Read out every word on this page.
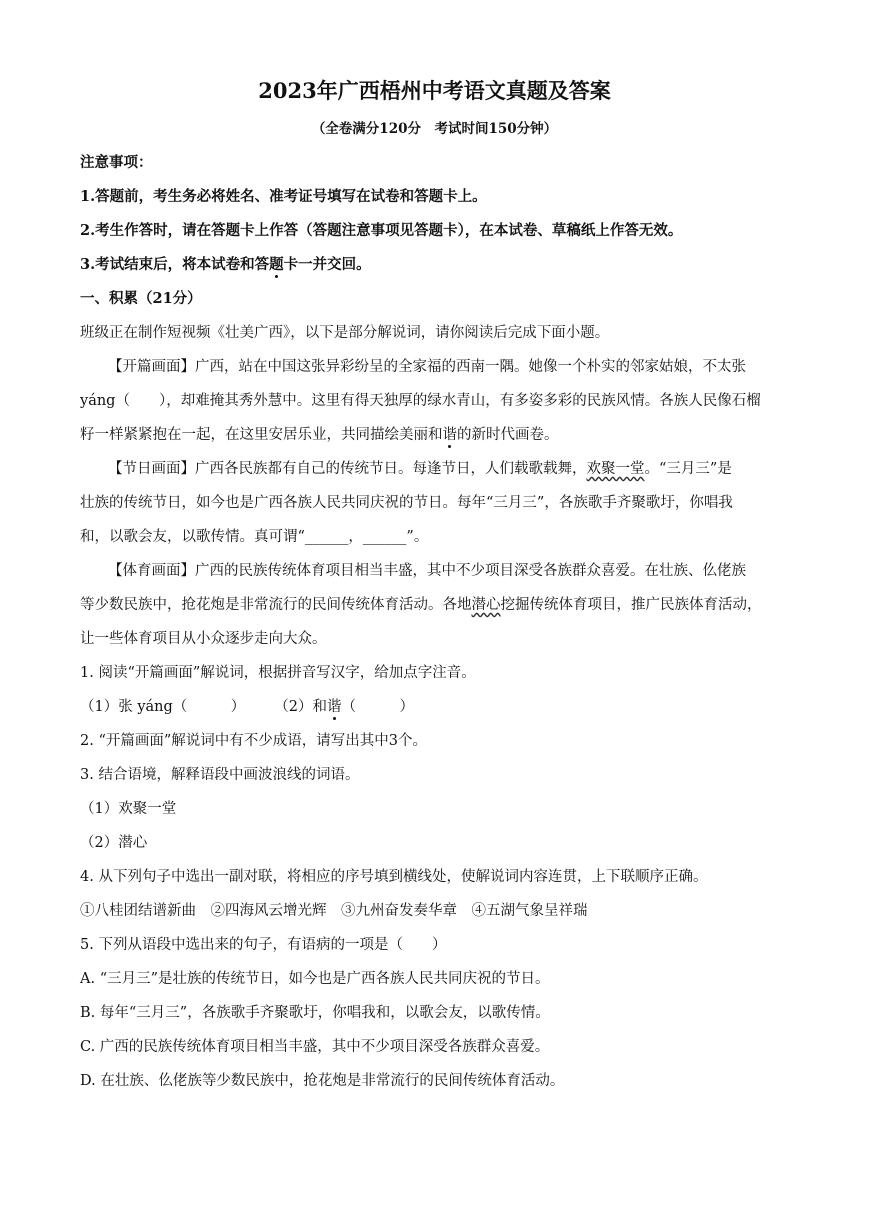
2023年广西梧州中考语文真题及答案
（全卷满分120分　考试时间150分钟）
注意事项：
1.答题前，考生务必将姓名、准考证号填写在试卷和答题卡上。
2.考生作答时，请在答题卡上作答（答题注意事项见答题卡），在本试卷、草稿纸上作答无效。
3.考试结束后，将本试卷和答题卡一并交回。
一、积累（21分）
班级正在制作短视频《壮美广西》，以下是部分解说词，请你阅读后完成下面小题。
【开篇画面】广西，站在中国这张异彩纷呈的全家福的西南一隅。她像一个朴实的邻家姑娘，不太张
yáng（　　），却难掩其秀外慧中。这里有得天独厚的绿水青山，有多姿多彩的民族风情。各族人民像石榴
籽一样紧紧抱在一起，在这里安居乐业，共同描绘美丽和谐的新时代画卷。
【节日画面】广西各民族都有自己的传统节日。每逢节日，人们载歌载舞，欢聚一堂。“三月三”是
壮族的传统节日，如今也是广西各族人民共同庆祝的节日。每年“三月三”，各族歌手齐聚歌圩，你唱我
和，以歌会友，以歌传情。真可谓“______，______”。
【体育画面】广西的民族传统体育项目相当丰盛，其中不少项目深受各族群众喜爱。在壮族、仫佬族
等少数民族中，抢花炮是非常流行的民间传统体育活动。各地潜心挖掘传统体育项目，推广民族体育活动，
让一些体育项目从小众逐步走向大众。
1. 阅读“开篇画面”解说词，根据拼音写汉字，给加点字注音。
（1）张 yáng（　　　）　　　（2）和谐（　　　）
2. “开篇画面”解说词中有不少成语，请写出其中3个。
3. 结合语境，解释语段中画波浪线的词语。
（1）欢聚一堂
（2）潜心
4. 从下列句子中选出一副对联，将相应的序号填到横线处，使解说词内容连贯，上下联顺序正确。
①八桂团结谱新曲　②四海风云增光辉　③九州奋发奏华章　④五湖气象呈祥瑞
5. 下列从语段中选出来的句子，有语病的一项是（　　）
A. “三月三”是壮族的传统节日，如今也是广西各族人民共同庆祝的节日。
B. 每年“三月三”，各族歌手齐聚歌圩，你唱我和，以歌会友，以歌传情。
C. 广西的民族传统体育项目相当丰盛，其中不少项目深受各族群众喜爱。
D. 在壮族、仫佬族等少数民族中，抢花炮是非常流行的民间传统体育活动。
